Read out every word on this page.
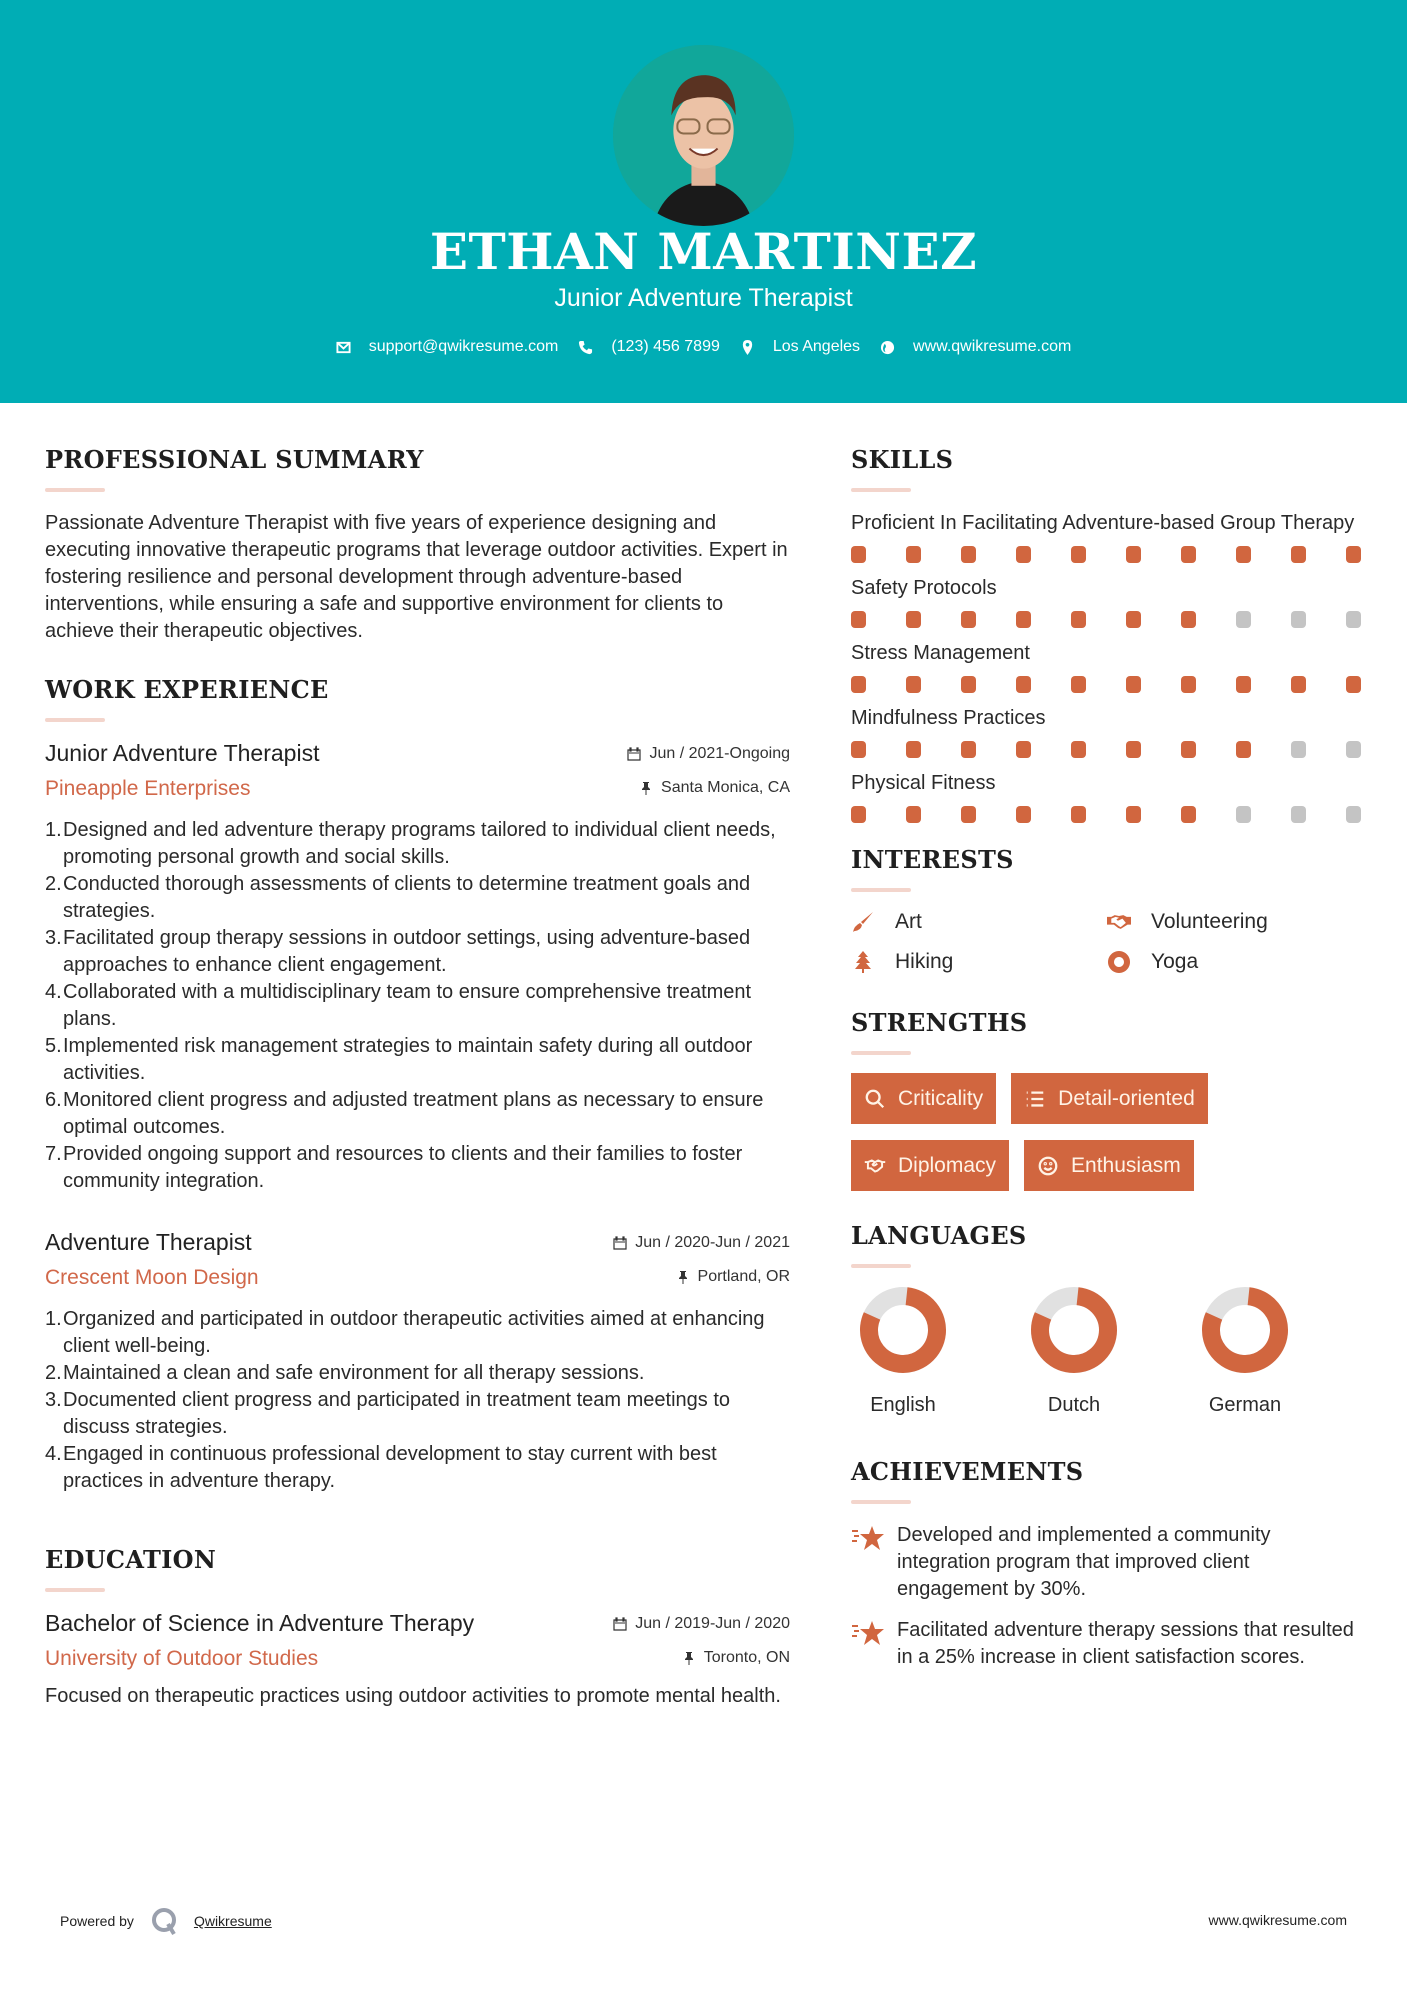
ETHAN MARTINEZ
Junior Adventure Therapist
support@qwikresume.com	(123) 456 7899	Los Angeles	www.qwikresume.com
PROFESSIONAL SUMMARY

Passionate Adventure Therapist with five years of experience designing and executing innovative therapeutic programs that leverage outdoor activities. Expert in fostering resilience and personal development through adventure-based interventions, while ensuring a safe and supportive environment for clients to achieve their therapeutic objectives.

WORK EXPERIENCE
Junior Adventure Therapist	Jun / 2021-Ongoing
Pineapple Enterprises	Santa Monica, CA
1. Designed and led adventure therapy programs tailored to individual client needs, promoting personal growth and social skills.
2. Conducted thorough assessments of clients to determine treatment goals and strategies.
3. Facilitated group therapy sessions in outdoor settings, using adventure-based approaches to enhance client engagement.
4. Collaborated with a multidisciplinary team to ensure comprehensive treatment plans.
5. Implemented risk management strategies to maintain safety during all outdoor activities.
6. Monitored client progress and adjusted treatment plans as necessary to ensure optimal outcomes.
7. Provided ongoing support and resources to clients and their families to foster community integration.
Adventure Therapist	Jun / 2020-Jun / 2021
Crescent Moon Design	Portland, OR
1. Organized and participated in outdoor therapeutic activities aimed at enhancing client well-being.
2. Maintained a clean and safe environment for all therapy sessions.
3. Documented client progress and participated in treatment team meetings to discuss strategies.
4. Engaged in continuous professional development to stay current with best practices in adventure therapy.
EDUCATION
Bachelor of Science in Adventure Therapy	Jun / 2019-Jun / 2020
University of Outdoor Studies	Toronto, ON

Focused on therapeutic practices using outdoor activities to promote mental health.

SKILLS
Proficient In Facilitating Adventure-based Group Therapy
Safety Protocols
Stress Management
Mindfulness Practices
Physical Fitness
INTERESTS
Art	Volunteering
Hiking	Yoga
STRENGTHS
Criticality	Detail-oriented
Diplomacy	Enthusiasm
LANGUAGES
English	Dutch	German
ACHIEVEMENTS
Developed and implemented a community integration program that improved client engagement by 30%.
Facilitated adventure therapy sessions that resulted in a 25% increase in client satisfaction scores.
Powered by	Qwikresume	www.qwikresume.com
